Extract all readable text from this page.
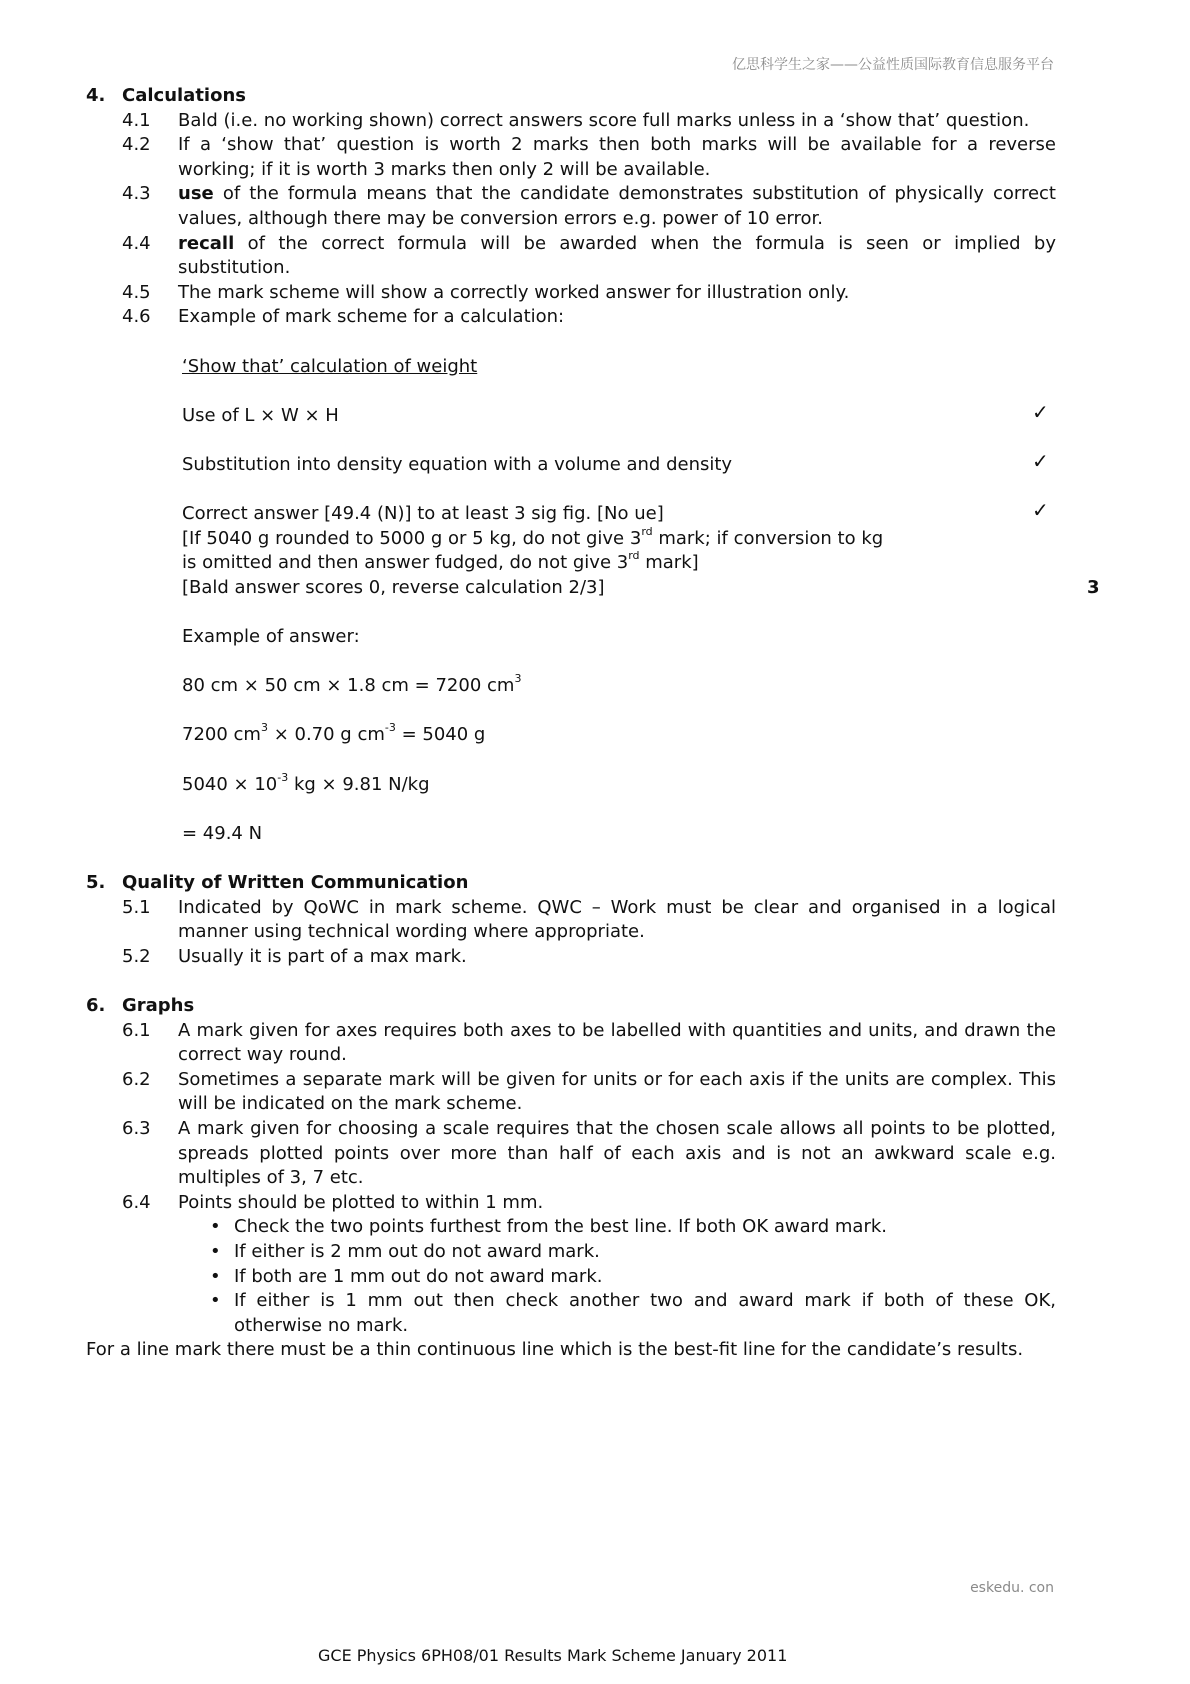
亿思科学生之家——公益性质国际教育信息服务平台
4. Calculations
4.1	Bald (i.e. no working shown) correct answers score full marks unless in a ‘show that’ question.
4.2	If a ‘show that’ question is worth 2 marks then both marks will be available for a reverse working; if it is worth 3 marks then only 2 will be available.
4.3	use of the formula means that the candidate demonstrates substitution of physically correct values, although there may be conversion errors e.g. power of 10 error.
4.4	recall of the correct formula will be awarded when the formula is seen or implied by substitution.
4.5	The mark scheme will show a correctly worked answer for illustration only.
4.6	Example of mark scheme for a calculation:
‘Show that’ calculation of weight
Use of L × W × H	✓
Substitution into density equation with a volume and density	✓
Correct answer [49.4 (N)] to at least 3 sig fig. [No ue]	✓
[If 5040 g rounded to 5000 g or 5 kg, do not give 3rd mark; if conversion to kg
is omitted and then answer fudged, do not give 3rd mark]
[Bald answer scores 0, reverse calculation 2/3]	3
Example of answer:
80 cm × 50 cm × 1.8 cm = 7200 $cm^3$
7200 $cm^3 \times 0.70$ g $cm^{-3} = 5040$ g
$5040 \times 10^{-3}$ kg × 9.81 N/kg
= 49.4 N
5. Quality of Written Communication
5.1	Indicated by QoWC in mark scheme. QWC – Work must be clear and organised in a logical manner using technical wording where appropriate.
5.2	Usually it is part of a max mark.
6. Graphs
6.1	A mark given for axes requires both axes to be labelled with quantities and units, and drawn the correct way round.
6.2	Sometimes a separate mark will be given for units or for each axis if the units are complex. This will be indicated on the mark scheme.
6.3	A mark given for choosing a scale requires that the chosen scale allows all points to be plotted, spreads plotted points over more than half of each axis and is not an awkward scale e.g. multiples of 3, 7 etc.
6.4	Points should be plotted to within 1 mm.
• Check the two points furthest from the best line. If both OK award mark.
• If either is 2 mm out do not award mark.
• If both are 1 mm out do not award mark.
• If either is 1 mm out then check another two and award mark if both of these OK, otherwise no mark.
For a line mark there must be a thin continuous line which is the best-fit line for the candidate’s results.
eskedu. con
GCE Physics 6PH08/01 Results Mark Scheme January 2011
